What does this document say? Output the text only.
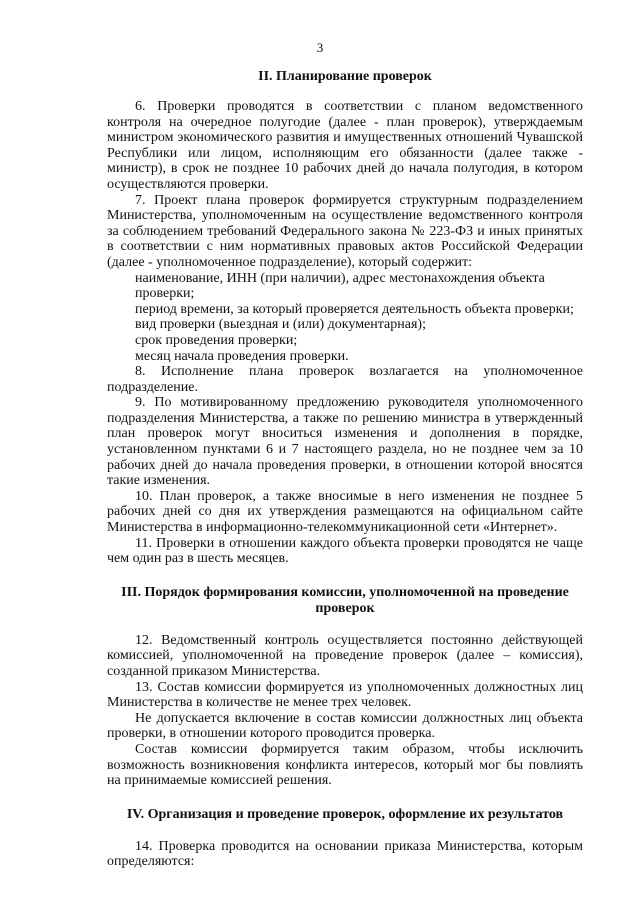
3
II. Планирование проверок

6. Проверки проводятся в соответствии с планом ведомственного контроля на очередное полугодие (далее - план проверок), утверждаемым министром экономического развития и имущественных отношений Чувашской Республики или лицом, исполняющим его обязанности (далее также - министр), в срок не позднее 10 рабочих дней до начала полугодия, в котором осуществляются проверки.

7. Проект плана проверок формируется структурным подразделением Министерства, уполномоченным на осуществление ведомственного контроля за соблюдением требований Федерального закона № 223-ФЗ и иных принятых в соответствии с ним нормативных правовых актов Российской Федерации (далее - уполномоченное подразделение), который содержит:

наименование, ИНН (при наличии), адрес местонахождения объекта проверки;

период времени, за который проверяется деятельность объекта проверки;

вид проверки (выездная и (или) документарная);

срок проведения проверки;

месяц начала проведения проверки.

8. Исполнение плана проверок возлагается на уполномоченное подразделение.

9. По мотивированному предложению руководителя уполномоченного подразделения Министерства, а также по решению министра в утвержденный план проверок могут вноситься изменения и дополнения в порядке, установленном пунктами 6 и 7 настоящего раздела, но не позднее чем за 10 рабочих дней до начала проведения проверки, в отношении которой вносятся такие изменения.

10. План проверок, а также вносимые в него изменения не позднее 5 рабочих дней со дня их утверждения размещаются на официальном сайте Министерства в информационно-телекоммуникационной сети «Интернет».

11. Проверки в отношении каждого объекта проверки проводятся не чаще чем один раз в шесть месяцев.

III. Порядок формирования комиссии, уполномоченной на проведение проверок

12. Ведомственный контроль осуществляется постоянно действующей комиссией, уполномоченной на проведение проверок (далее – комиссия), созданной приказом Министерства.

13. Состав комиссии формируется из уполномоченных должностных лиц Министерства в количестве не менее трех человек.

Не допускается включение в состав комиссии должностных лиц объекта проверки, в отношении которого проводится проверка.

Состав комиссии формируется таким образом, чтобы исключить возможность возникновения конфликта интересов, который мог бы повлиять на принимаемые комиссией решения.

IV. Организация и проведение проверок, оформление их результатов

14. Проверка проводится на основании приказа Министерства, которым определяются:
